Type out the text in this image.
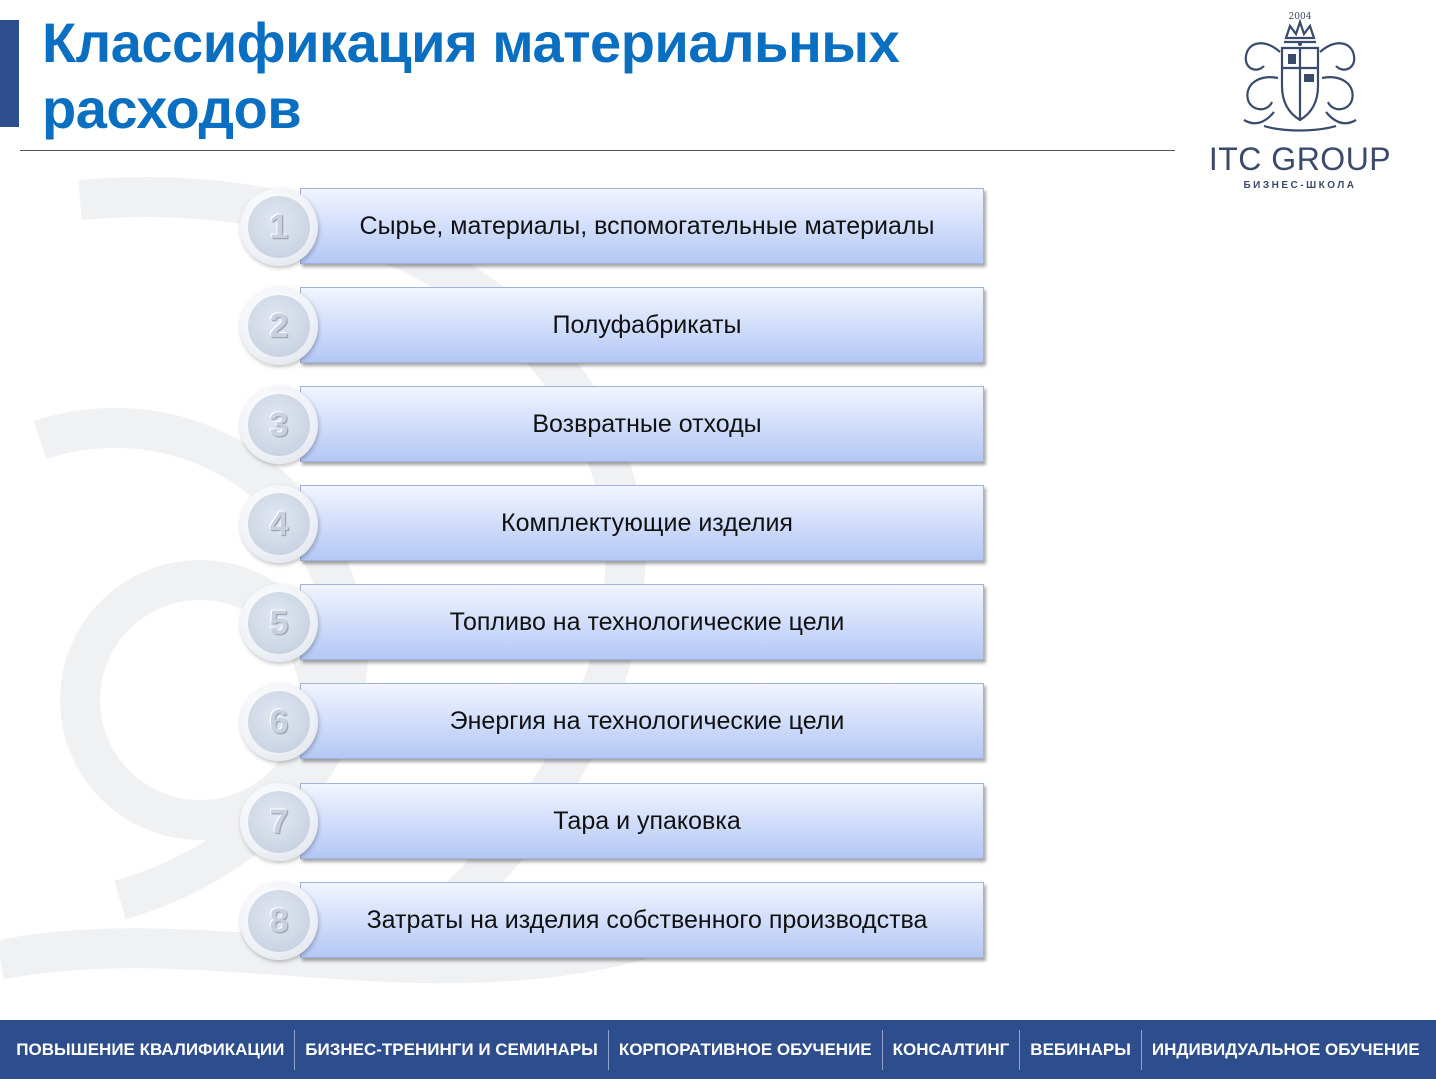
Классификация материальных
расходов
2004
ITC GROUP
БИЗНЕС-ШКОЛА
Сырье, материалы, вспомогательные материалы
1
Полуфабрикаты
2
Возвратные отходы
3
Комплектующие изделия
4
Топливо на технологические цели
5
Энергия на технологические цели
6
Тара и упаковка
7
Затраты на изделия собственного производства
8
ПОВЫШЕНИЕ КВАЛИФИКАЦИИ	БИЗНЕС-ТРЕНИНГИ И СЕМИНАРЫ	КОРПОРАТИВНОЕ ОБУЧЕНИЕ	КОНСАЛТИНГ	ВЕБИНАРЫ	ИНДИВИДУАЛЬНОЕ ОБУЧЕНИЕ
